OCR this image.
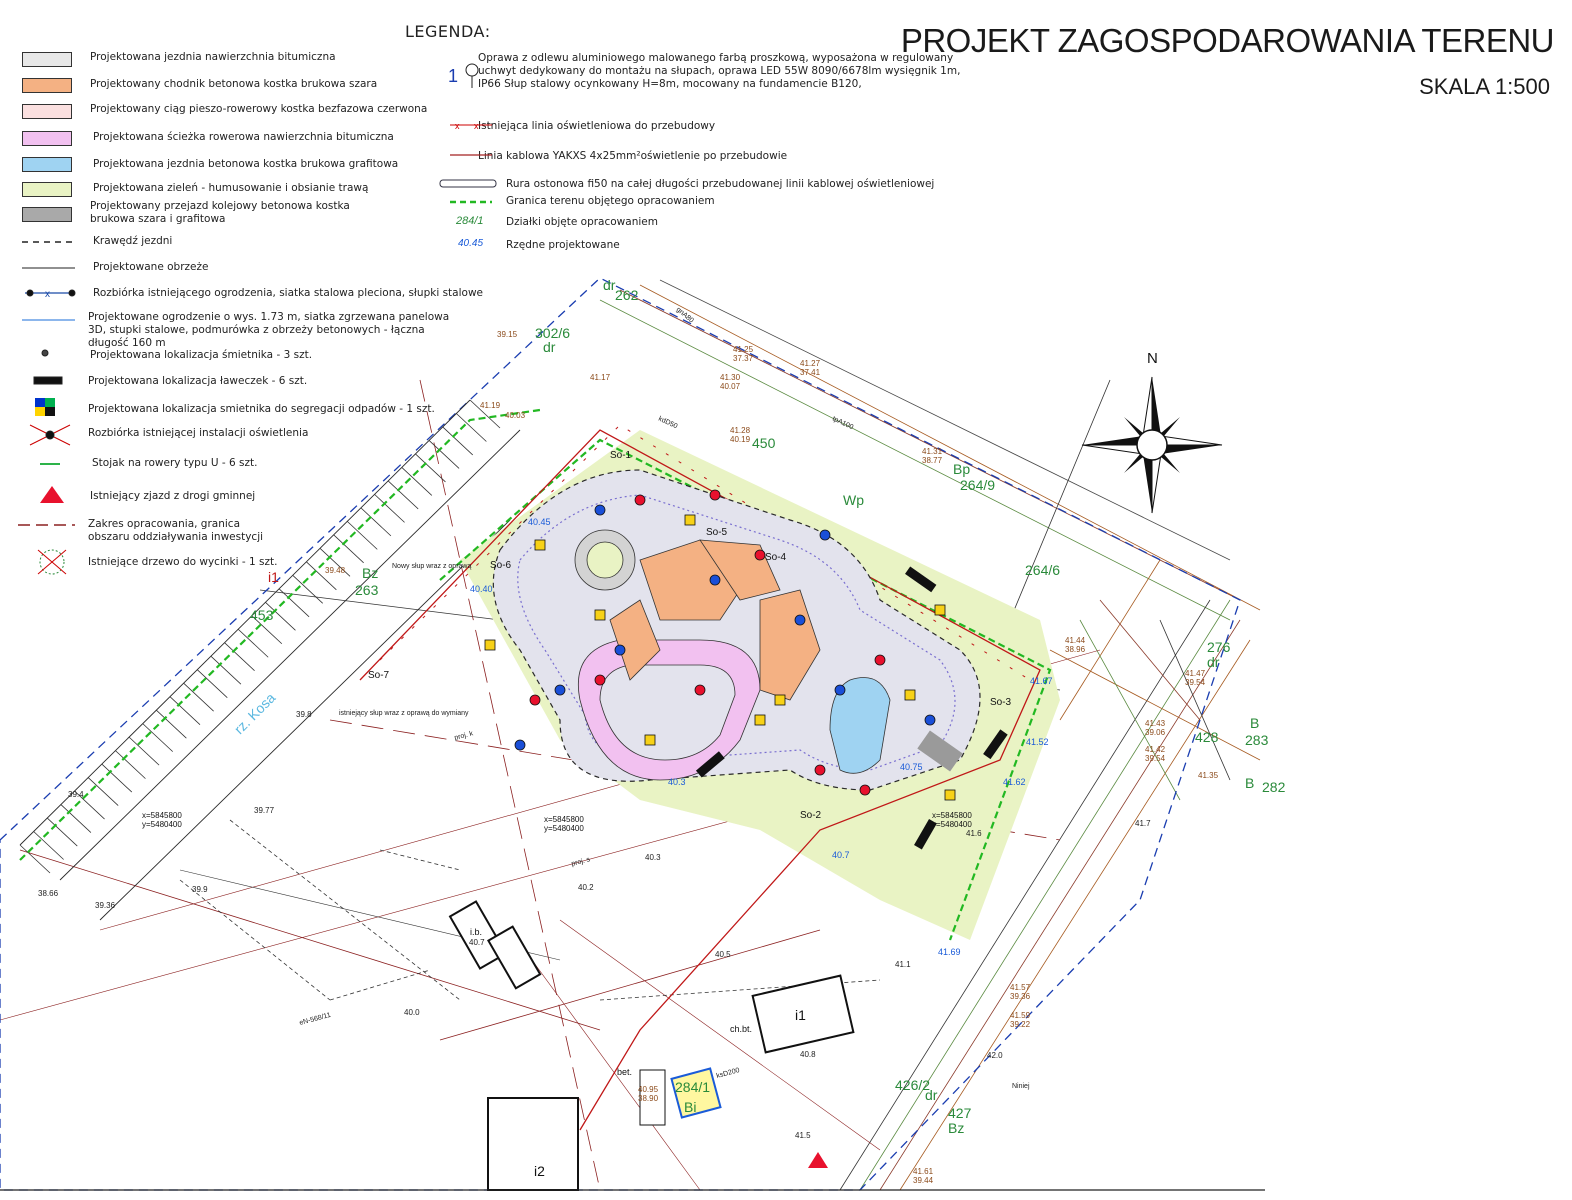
PROJEKT ZAGOSPODAROWANIA TERENU
SKALA 1:500
LEGENDA:
Projektowana jezdnia nawierzchnia bitumiczna
Projektowany chodnik betonowa kostka brukowa szara
Projektowany ciąg pieszo-rowerowy kostka bezfazowa czerwona
Projektowana ścieżka rowerowa nawierzchnia bitumiczna
Projektowana jezdnia betonowa kostka brukowa grafitowa
Projektowana zieleń - humusowanie i obsianie trawą
Projektowany przejazd kolejowy betonowa kostka brukowa szara i grafitowa
Krawędź jezdni
Projektowane obrzeże
Rozbiórka istniejącego ogrodzenia, siatka stalowa pleciona, słupki stalowe
Projektowane ogrodzenie o wys. 1.73 m, siatka zgrzewana panelowa 3D, stupki stalowe, podmurówka z obrzeży betonowych - łączna długość 160 m
Projektowana lokalizacja śmietnika - 3 szt.
Projektowana lokalizacja ławeczek - 6 szt.
Projektowana lokalizacja smietnika do segregacji odpadów - 1 szt.
Rozbiórka istniejącej instalacji oświetlenia
Stojak na rowery typu U - 6 szt.
Istniejący zjazd z drogi gminnej
Zakres opracowania, granica obszaru oddziaływania inwestycji
Istniejące drzewo do wycinki - 1 szt.
Oprawa z odlewu aluminiowego malowanego farbą proszkową, wyposażona w regulowany uchwyt dedykowany do montażu na słupach, oprawa LED 55W 8090/6678lm wysięgnik 1m, IP66 Słup stalowy ocynkowany H=8m, mocowany na fundamencie B120,
Istniejąca linia oświetleniowa do przebudowy
Linia kablowa YAKXS 4x25mm²oświetlenie po przebudowie
Rura ostonowa fi50 na całej długości przebudowanej linii kablowej oświetleniowej
Granica terenu objętego opracowaniem
Działki objęte opracowaniem
Rzędne projektowane
x
1
x x
284/1
40.45
N
262
302/6
450
264/9
264/6
453
263
276
283
284/1	426/2
427
428
282
dr
dr
Bp
Wp
Bz
dr
B
B
Bi
dr
Bz
rz. Kosa
So-1
So-2
So-3
So-4
So-5
So-6
So-7
i1
i1
i2
i.b.
bet.
ch.bt.
39.15
39.48
40.03
41.19
41.17
41.25
37.37
41.27
37.41
41.30
40.07
41.28
40.19
41.31
38.77
41.44
38.96
41.47
39.54
41.43
39.06
41.42
39.54
41.35
41.57
39.36
41.59
39.22
41.61
39.44
40.95
38.90
39.4
39.8
39.9
40.0
40.2
40.3
40.5
40.7
40.8
41.1
41.5
41.6
42.0
38.66
39.36
39.77
41.7
40.45
40.40
40.3
40.7
40.75
41.52
41.62
41.67
41.69
x=5845800
y=5480400
x=5845800
y=5480400
x=5845800
y=5480400
istniejący słup wraz z oprawą do wymiany
Nowy słup wraz z oprawą
proj. s
proj. k
eN-568/11
ksD200
gnA80
tpA100
kdD50
Niniej
